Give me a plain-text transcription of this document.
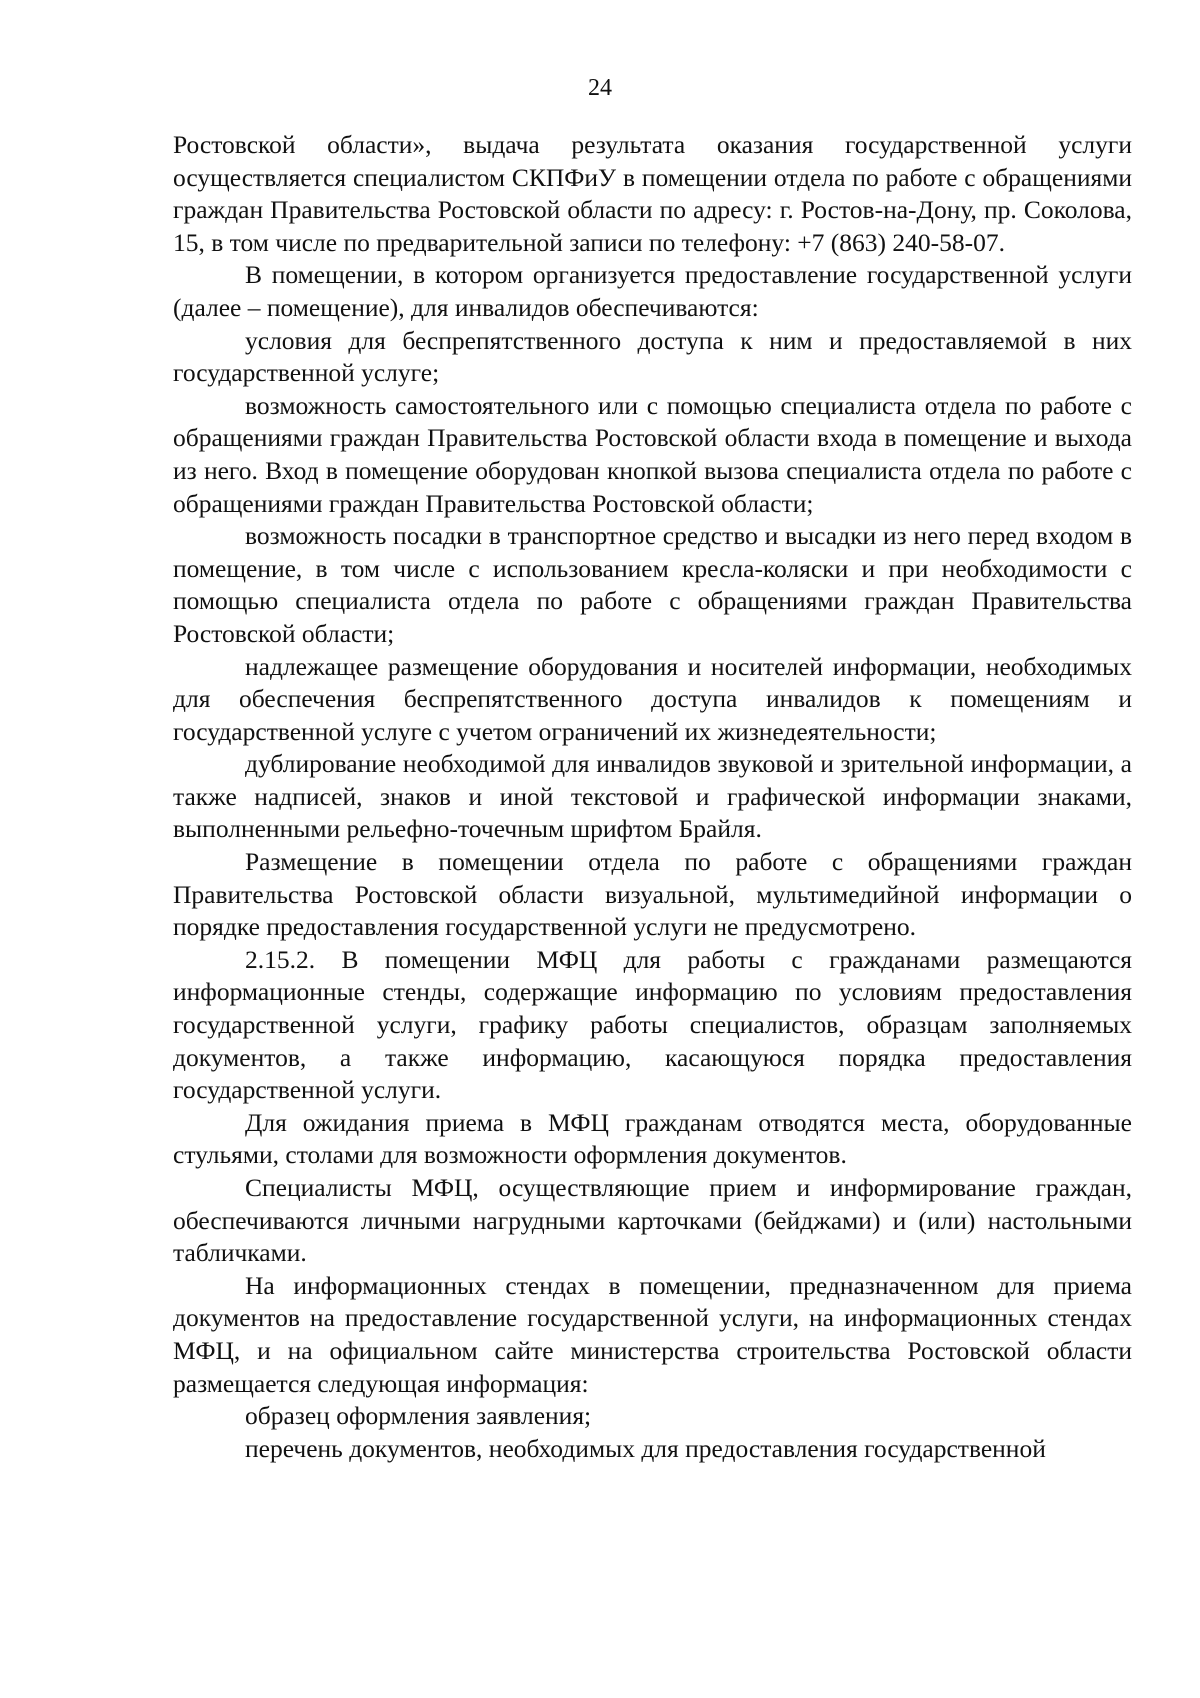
24

Ростовской области», выдача результата оказания государственной услуги осуществляется специалистом СКПФиУ в помещении отдела по работе с обращениями граждан Правительства Ростовской области по адресу: г. Ростов-на-Дону, пр. Соколова, 15, в том числе по предварительной записи по телефону: +7 (863) 240-58-07.

В помещении, в котором организуется предоставление государственной услуги (далее – помещение), для инвалидов обеспечиваются:

условия для беспрепятственного доступа к ним и предоставляемой в них государственной услуге;

возможность самостоятельного или с помощью специалиста отдела по работе с обращениями граждан Правительства Ростовской области входа в помещение и выхода из него. Вход в помещение оборудован кнопкой вызова специалиста отдела по работе с обращениями граждан Правительства Ростовской области;

возможность посадки в транспортное средство и высадки из него перед входом в помещение, в том числе с использованием кресла-коляски и при необходимости с помощью специалиста отдела по работе с обращениями граждан Правительства Ростовской области;

надлежащее размещение оборудования и носителей информации, необходимых для обеспечения беспрепятственного доступа инвалидов к помещениям и государственной услуге с учетом ограничений их жизнедеятельности;

дублирование необходимой для инвалидов звуковой и зрительной информации, а также надписей, знаков и иной текстовой и графической информации знаками, выполненными рельефно-точечным шрифтом Брайля.

Размещение в помещении отдела по работе с обращениями граждан Правительства Ростовской области визуальной, мультимедийной информации о порядке предоставления государственной услуги не предусмотрено.

2.15.2. В помещении МФЦ для работы с гражданами размещаются информационные стенды, содержащие информацию по условиям предоставления государственной услуги, графику работы специалистов, образцам заполняемых документов, а также информацию, касающуюся порядка предоставления государственной услуги.

Для ожидания приема в МФЦ гражданам отводятся места, оборудованные стульями, столами для возможности оформления документов.

Специалисты МФЦ, осуществляющие прием и информирование граждан, обеспечиваются личными нагрудными карточками (бейджами) и (или) настольными табличками.

На информационных стендах в помещении, предназначенном для приема документов на предоставление государственной услуги, на информационных стендах МФЦ, и на официальном сайте министерства строительства Ростовской области размещается следующая информация:

образец оформления заявления;

перечень документов, необходимых для предоставления государственной
